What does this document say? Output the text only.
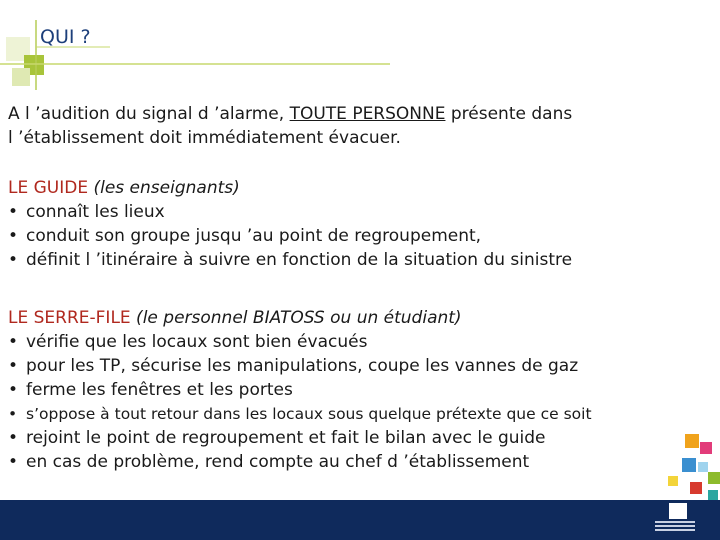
QUI ?

A l ’audition du signal d ’alarme, TOUTE PERSONNE présente dans

l ’établissement doit immédiatement évacuer.

LE GUIDE (les enseignants)

• connaît les lieux
• conduit son groupe jusqu ’au point de regroupement,
• définit l ’itinéraire à suivre en fonction de la situation du sinistre

LE SERRE-FILE (le personnel BIATOSS ou un étudiant)

• vérifie que les locaux sont bien évacués
• pour les TP, sécurise les manipulations, coupe les vannes de gaz
• ferme les fenêtres et les portes
• s’oppose à tout retour dans les locaux sous quelque prétexte que ce soit
• rejoint le point de regroupement et fait le bilan avec le guide
• en cas de problème, rend compte au chef d ’établissement
